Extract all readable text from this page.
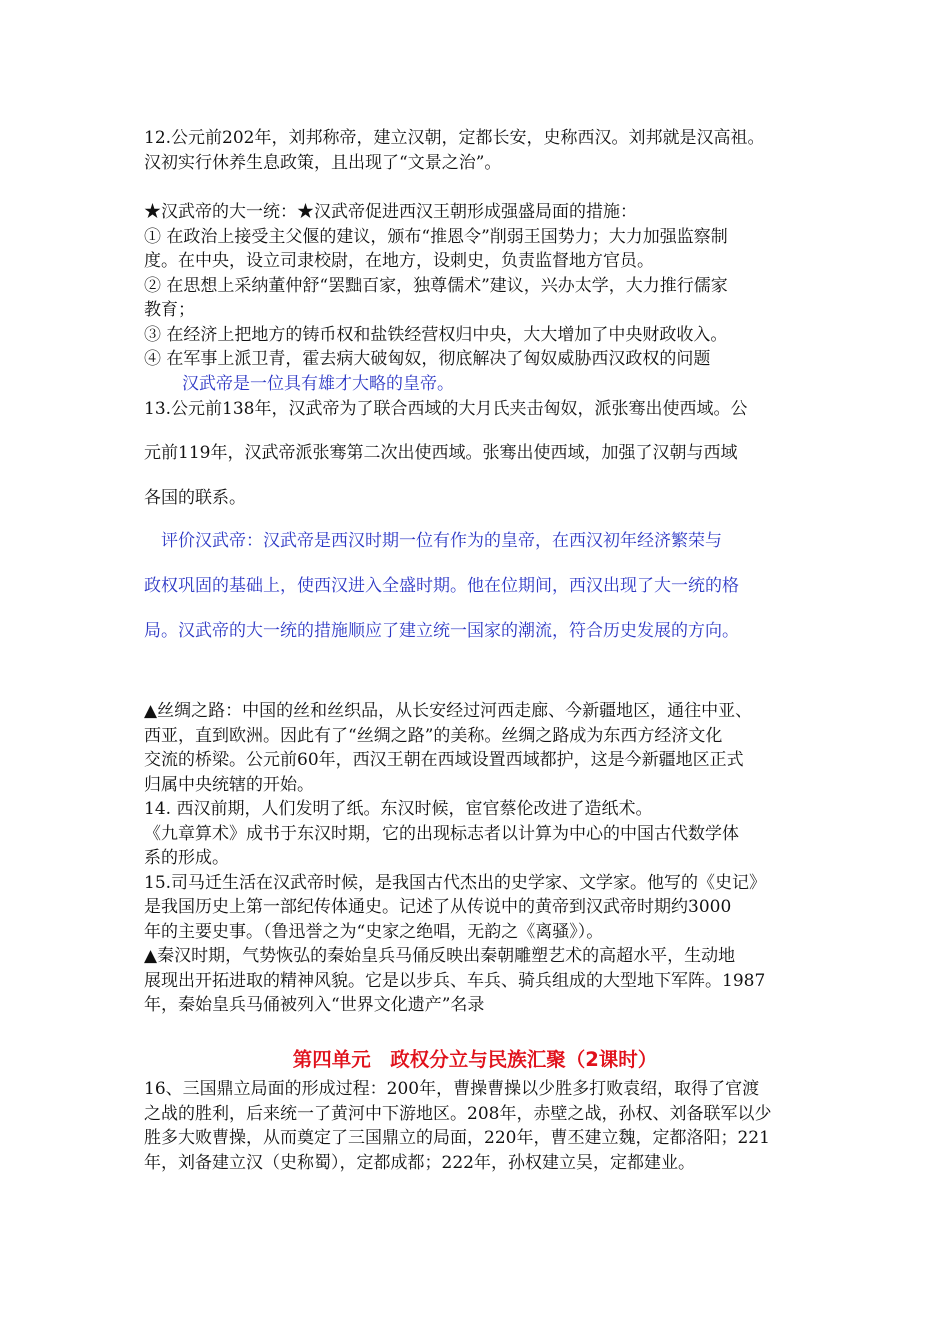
12.公元前202年，刘邦称帝，建立汉朝，定都长安，史称西汉。刘邦就是汉高祖。
汉初实行休养生息政策，且出现了“文景之治”。
★汉武帝的大一统：★汉武帝促进西汉王朝形成强盛局面的措施：
① 在政治上接受主父偃的建议，颁布“推恩令”削弱王国势力；大力加强监察制
度。在中央，设立司隶校尉，在地方，设刺史，负责监督地方官员。
② 在思想上采纳董仲舒“罢黜百家，独尊儒术”建议，兴办太学，大力推行儒家
教育；
③ 在经济上把地方的铸币权和盐铁经营权归中央，大大增加了中央财政收入。
④ 在军事上派卫青，霍去病大破匈奴，彻底解决了匈奴威胁西汉政权的问题
汉武帝是一位具有雄才大略的皇帝。
13.公元前138年，汉武帝为了联合西域的大月氏夹击匈奴，派张骞出使西域。公
元前119年，汉武帝派张骞第二次出使西域。张骞出使西域，加强了汉朝与西域
各国的联系。
　评价汉武帝：汉武帝是西汉时期一位有作为的皇帝，在西汉初年经济繁荣与
政权巩固的基础上，使西汉进入全盛时期。他在位期间，西汉出现了大一统的格
局。汉武帝的大一统的措施顺应了建立统一国家的潮流，符合历史发展的方向。
▲丝绸之路：中国的丝和丝织品，从长安经过河西走廊、今新疆地区，通往中亚、
西亚，直到欧洲。因此有了“丝绸之路”的美称。丝绸之路成为东西方经济文化
交流的桥梁。公元前60年，西汉王朝在西域设置西域都护，这是今新疆地区正式
归属中央统辖的开始。
14. 西汉前期，人们发明了纸。东汉时候，宦官蔡伦改进了造纸术。
《九章算术》成书于东汉时期，它的出现标志者以计算为中心的中国古代数学体
系的形成。
15.司马迁生活在汉武帝时候，是我国古代杰出的史学家、文学家。他写的《史记》
是我国历史上第一部纪传体通史。记述了从传说中的黄帝到汉武帝时期约3000
年的主要史事。（鲁迅誉之为“史家之绝唱，无韵之《离骚》）。
▲秦汉时期，气势恢弘的秦始皇兵马俑反映出秦朝雕塑艺术的高超水平，生动地
展现出开拓进取的精神风貌。它是以步兵、车兵、骑兵组成的大型地下军阵。1987
年，秦始皇兵马俑被列入“世界文化遗产”名录
第四单元　政权分立与民族汇聚（2课时）
16、三国鼎立局面的形成过程：200年，曹操曹操以少胜多打败袁绍，取得了官渡
之战的胜利，后来统一了黄河中下游地区。208年，赤壁之战，孙权、刘备联军以少
胜多大败曹操，从而奠定了三国鼎立的局面，220年，曹丕建立魏，定都洛阳；221
年，刘备建立汉（史称蜀），定都成都；222年，孙权建立吴，定都建业。
